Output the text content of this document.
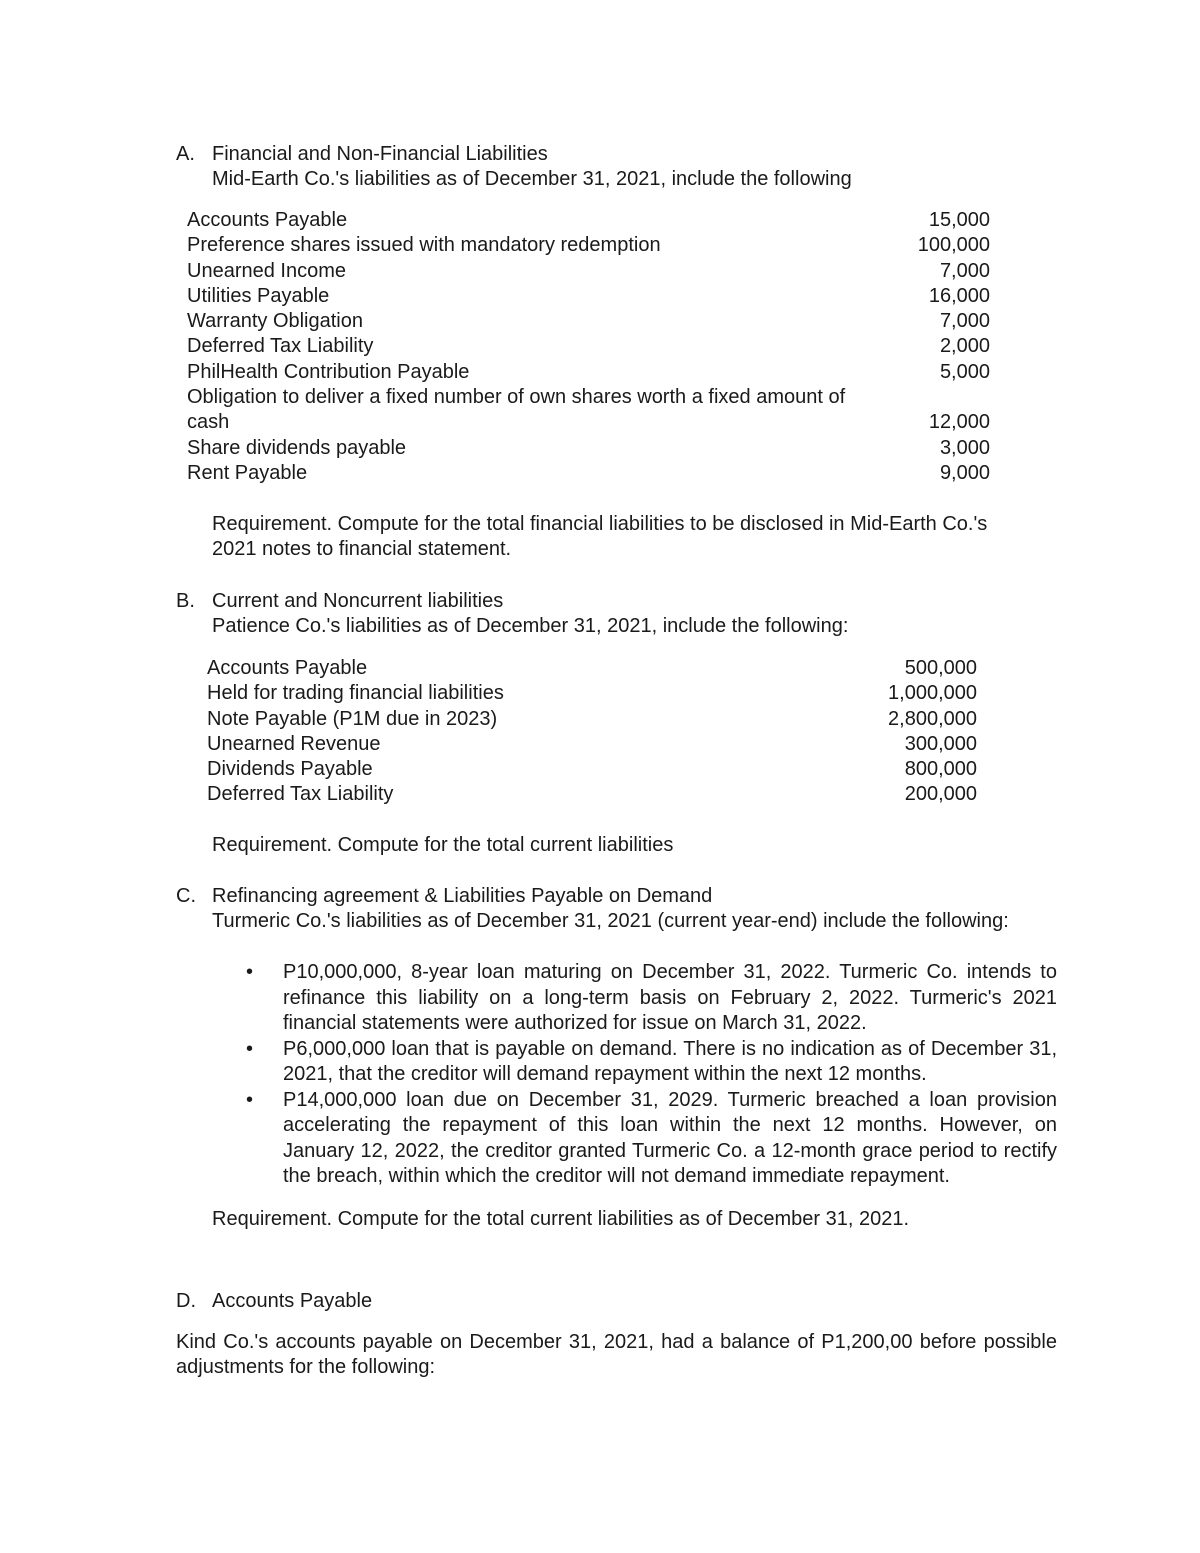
A. Financial and Non-Financial Liabilities
Mid-Earth Co.'s liabilities as of December 31, 2021, include the following
Accounts Payable	15,000
Preference shares issued with mandatory redemption	100,000
Unearned Income	7,000
Utilities Payable	16,000
Warranty Obligation	7,000
Deferred Tax Liability	2,000
PhilHealth Contribution Payable	5,000
Obligation to deliver a fixed number of own shares worth a fixed amount of cash	12,000
Share dividends payable	3,000
Rent Payable	9,000
Requirement. Compute for the total financial liabilities to be disclosed in Mid-Earth Co.'s
2021 notes to financial statement.
B. Current and Noncurrent liabilities
Patience Co.'s liabilities as of December 31, 2021, include the following:
Accounts Payable	500,000
Held for trading financial liabilities	1,000,000
Note Payable (P1M due in 2023)	2,800,000
Unearned Revenue	300,000
Dividends Payable	800,000
Deferred Tax Liability	200,000
Requirement. Compute for the total current liabilities
C. Refinancing agreement & Liabilities Payable on Demand
Turmeric Co.'s liabilities as of December 31, 2021 (current year-end) include the following:
• P10,000,000, 8-year loan maturing on December 31, 2022. Turmeric Co. intends to refinance this liability on a long-term basis on February 2, 2022. Turmeric's 2021 financial statements were authorized for issue on March 31, 2022.
• P6,000,000 loan that is payable on demand. There is no indication as of December 31, 2021, that the creditor will demand repayment within the next 12 months.
• P14,000,000 loan due on December 31, 2029. Turmeric breached a loan provision accelerating the repayment of this loan within the next 12 months. However, on January 12, 2022, the creditor granted Turmeric Co. a 12-month grace period to rectify the breach, within which the creditor will not demand immediate repayment.
Requirement. Compute for the total current liabilities as of December 31, 2021.
D. Accounts Payable
Kind Co.'s accounts payable on December 31, 2021, had a balance of P1,200,00 before possible adjustments for the following:
